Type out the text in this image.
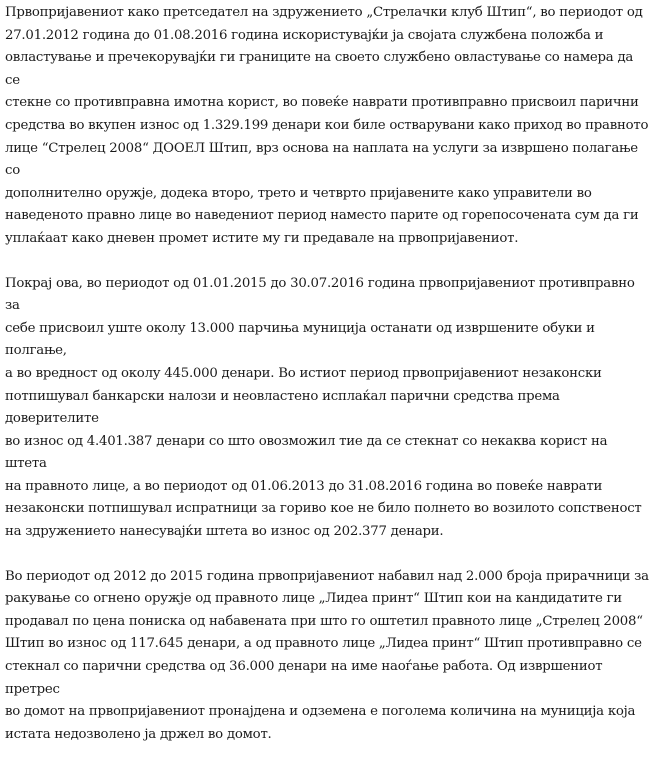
Првопријавениот како претседател на здружението „Стрелачки клуб Штип“, во периодот од
27.01.2012 година до 01.08.2016 година искористувајќи ја својата службена положба и
овластување и пречекорувајќи ги границите на своето службено овластување со намера да се
стекне со противправна имотна корист, во повеќе наврати противправно присвоил парични
средства во вкупен износ од 1.329.199 денари кои биле остварувани како приход во правното
лице “Стрелец 2008“ ДООЕЛ Штип, врз основа на наплата на услуги за извршено полагање со
дополнително оружје, додека второ, трето и четврто пријавените како управители во
наведеното правно лице во наведениот период наместо парите од горепосочената сум да ги
уплаќаат како дневен промет истите му ги предавале на првопријавениот.

Покрај ова, во периодот од 01.01.2015 до 30.07.2016 година првопријавениот противправно за
себе присвоил уште околу 13.000 парчиња муниција останати од извршените обуки и полгање,
а во вредност од околу 445.000 денари. Во истиот период првопријавениот незаконски
потпишувал банкарски налози и неовластено исплаќал парични средства према доверителите
во износ од 4.401.387 денари со што овозможил тие да се стекнат со некаква корист на штета
на правното лице, а во периодот од 01.06.2013 до 31.08.2016 година во повеќе наврати
незаконски потпишувал испратници за гориво кое не било полнето во возилото сопственост
на здружението нанесувајќи штета во износ од 202.377 денари.

Во периодот од 2012 до 2015 година првопријавениот набавил над 2.000 броја прирачници за
ракување со огнено оружје од правното лице „Лидеа принт“ Штип кои на кандидатите ги
продавал по цена пониска од набавената при што го оштетил правното лице „Стрелец 2008“
Штип во износ од 117.645 денари, а од правното лице „Лидеа принт“ Штип противправно се
стекнал со парични средства од 36.000 денари на име наоѓање работа. Од извршениот претрес
во домот на првопријавениот пронајдена и одземена е поголема количина на муниција која
истата недозволено ја држел во домот.
